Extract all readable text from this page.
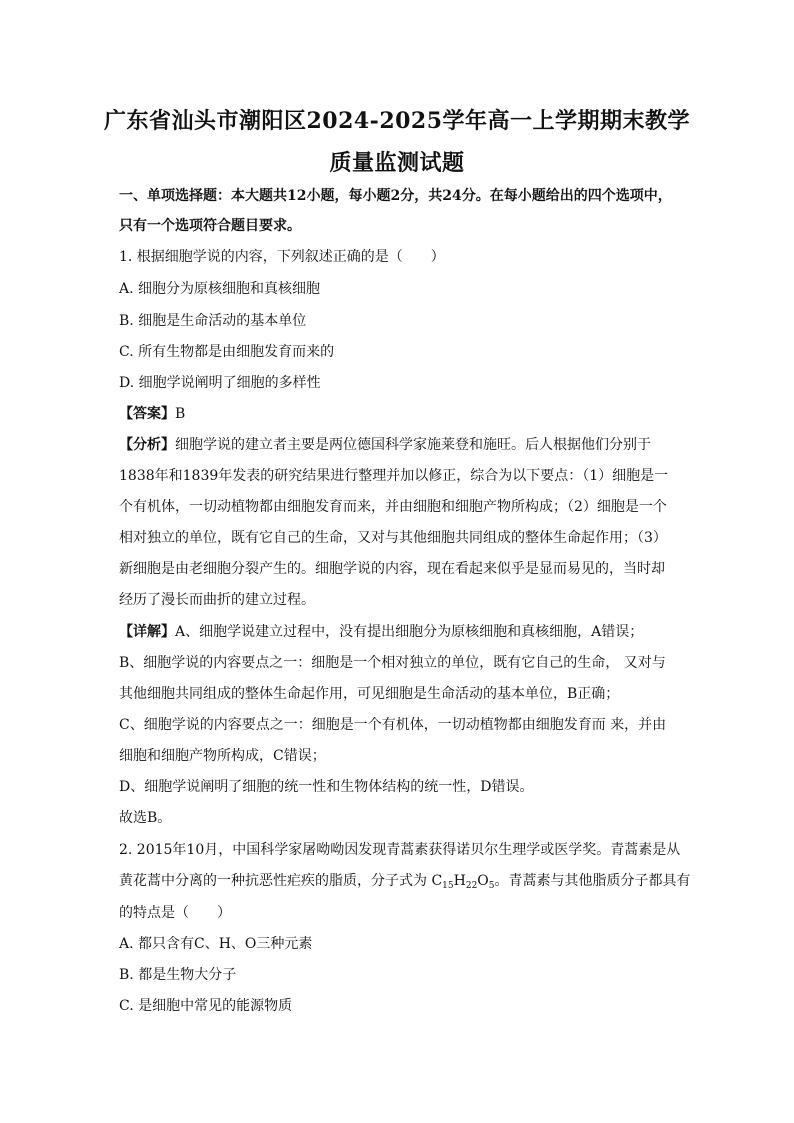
广东省汕头市潮阳区2024-2025学年高一上学期期末教学
质量监测试题
一、单项选择题：本大题共12小题，每小题2分，共24分。在每小题给出的四个选项中，
只有一个选项符合题目要求。
1. 根据细胞学说的内容，下列叙述正确的是（　　）
A. 细胞分为原核细胞和真核细胞
B. 细胞是生命活动的基本单位
C. 所有生物都是由细胞发育而来的
D. 细胞学说阐明了细胞的多样性
【答案】B
【分析】细胞学说的建立者主要是两位德国科学家施莱登和施旺。后人根据他们分别于
1838年和1839年发表的研究结果进行整理并加以修正，综合为以下要点：（1）细胞是一
个有机体，一切动植物都由细胞发育而来，并由细胞和细胞产物所构成；（2）细胞是一个
相对独立的单位，既有它自己的生命，又对与其他细胞共同组成的整体生命起作用；（3）
新细胞是由老细胞分裂产生的。细胞学说的内容，现在看起来似乎是显而易见的，当时却
经历了漫长而曲折的建立过程。
【详解】A、细胞学说建立过程中，没有提出细胞分为原核细胞和真核细胞，A错误；
B、细胞学说的内容要点之一：细胞是一个相对独立的单位，既有它自己的生命， 又对与
其他细胞共同组成的整体生命起作用，可见细胞是生命活动的基本单位，B正确；
C、细胞学说的内容要点之一：细胞是一个有机体，一切动植物都由细胞发育而 来，并由
细胞和细胞产物所构成，C错误；
D、细胞学说阐明了细胞的统一性和生物体结构的统一性，D错误。
故选B。
2. 2015年10月，中国科学家屠呦呦因发现青蒿素获得诺贝尔生理学或医学奖。青蒿素是从
黄花蒿中分离的一种抗恶性疟疾的脂质，分子式为 $C_{15}H_{22}O_5$。青蒿素与其他脂质分子都具有
的特点是（　　）
A. 都只含有C、H、O三种元素
B. 都是生物大分子
C. 是细胞中常见的能源物质
